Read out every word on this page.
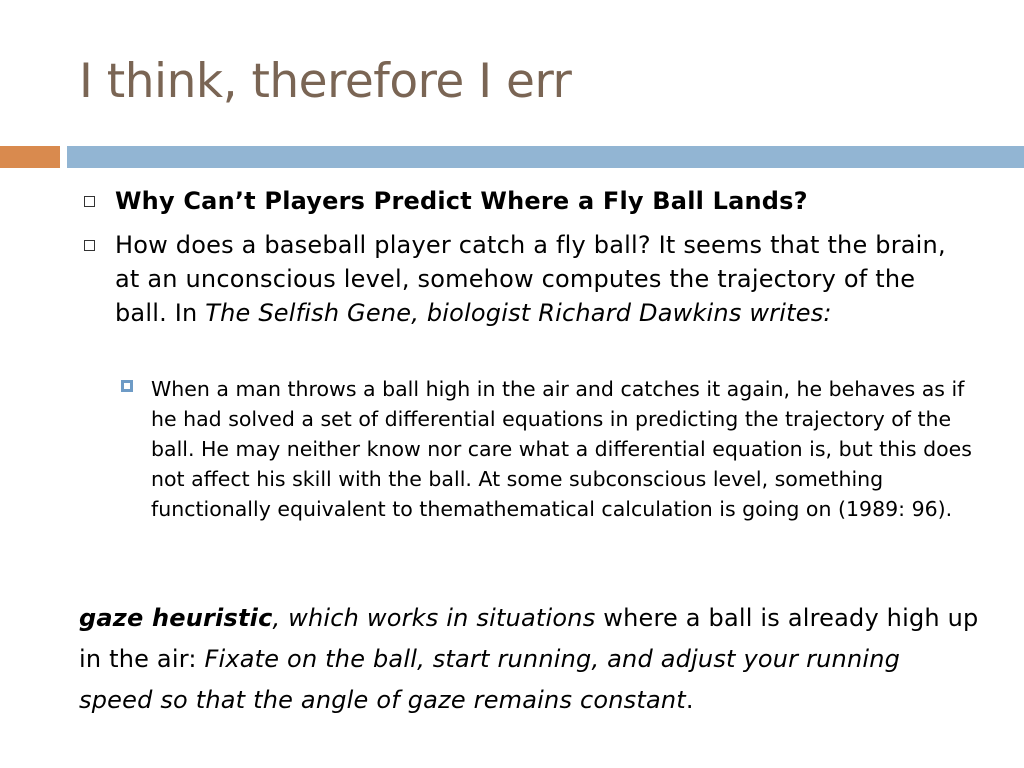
I think, therefore I err
Why Can’t Players Predict Where a Fly Ball Lands?
How does a baseball player catch a fly ball? It seems that the brain, at an unconscious level, somehow computes the trajectory of the ball. In The Selfish Gene, biologist Richard Dawkins writes:
When a man throws a ball high in the air and catches it again, he behaves as if he had solved a set of differential equations in predicting the trajectory of the ball. He may neither know nor care what a differential equation is, but this does not affect his skill with the ball. At some subconscious level, something functionally equivalent to themathematical calculation is going on (1989: 96).
gaze heuristic, which works in situations where a ball is already high up in the air: Fixate on the ball, start running, and adjust your running speed so that the angle of gaze remains constant.
